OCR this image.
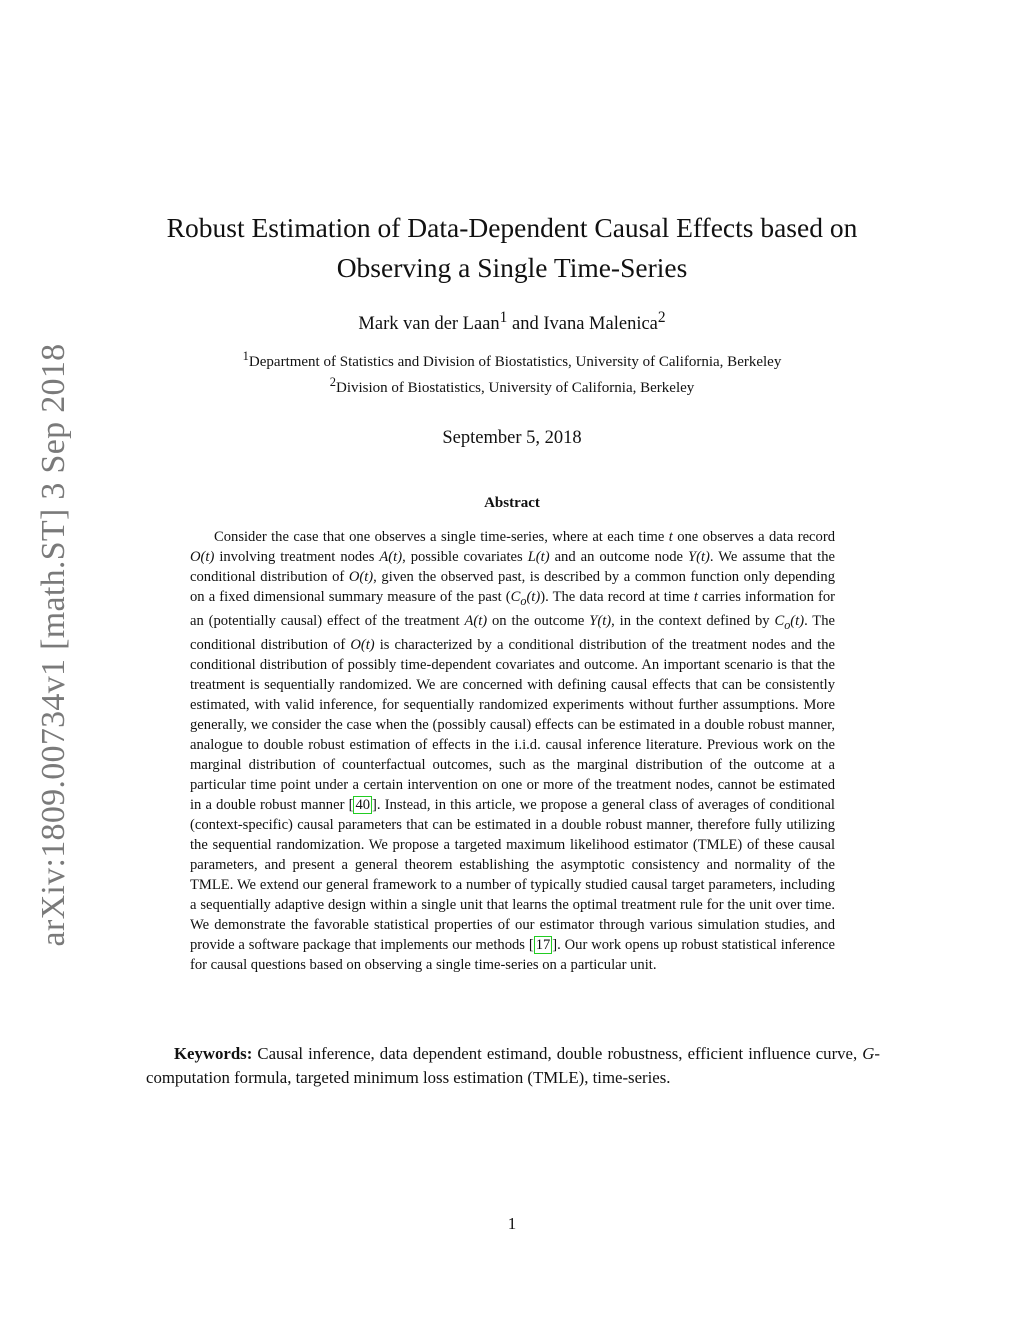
arXiv:1809.00734v1 [math.ST] 3 Sep 2018
Robust Estimation of Data-Dependent Causal Effects based on
Observing a Single Time-Series
Mark van der Laan$^1$ and Ivana Malenica$^2$
$^1$Department of Statistics and Division of Biostatistics, University of California, Berkeley
$^2$Division of Biostatistics, University of California, Berkeley
September 5, 2018
Abstract

Consider the case that one observes a single time-series, where at each time t one observes a data record O(t) involving treatment nodes A(t), possible covariates L(t) and an outcome node Y(t). We assume that the conditional distribution of O(t), given the observed past, is described by a common function only depending on a fixed dimensional summary measure of the past $(C_o(t))$. The data record at time t carries information for an (potentially causal) effect of the treatment A(t) on the outcome Y(t), in the context defined by $C_o(t)$. The conditional distribution of O(t) is characterized by a conditional distribution of the treatment nodes and the conditional distribution of possibly time-dependent covariates and outcome. An important scenario is that the treatment is sequentially randomized. We are concerned with defining causal effects that can be consistently estimated, with valid inference, for sequentially randomized experiments without further assumptions. More generally, we consider the case when the (possibly causal) effects can be estimated in a double robust manner, analogue to double robust estimation of effects in the i.i.d. causal inference literature. Previous work on the marginal distribution of counterfactual outcomes, such as the marginal distribution of the outcome at a particular time point under a certain intervention on one or more of the treatment nodes, cannot be estimated in a double robust manner [ 40 ]. Instead, in this article, we propose a general class of averages of conditional (context-specific) causal parameters that can be estimated in a double robust manner, therefore fully utilizing the sequential randomization. We propose a targeted maximum likelihood estimator (TMLE) of these causal parameters, and present a general theorem establishing the asymptotic consistency and normality of the TMLE. We extend our general framework to a number of typically studied causal target parameters, including a sequentially adaptive design within a single unit that learns the optimal treatment rule for the unit over time. We demonstrate the favorable statistical properties of our estimator through various simulation studies, and provide a software package that implements our methods [ 17 ]. Our work opens up robust statistical inference for causal questions based on observing a single time-series on a particular unit.

Keywords: Causal inference, data dependent estimand, double robustness, efficient influence curve, G-computation formula, targeted minimum loss estimation (TMLE), time-series.

1
